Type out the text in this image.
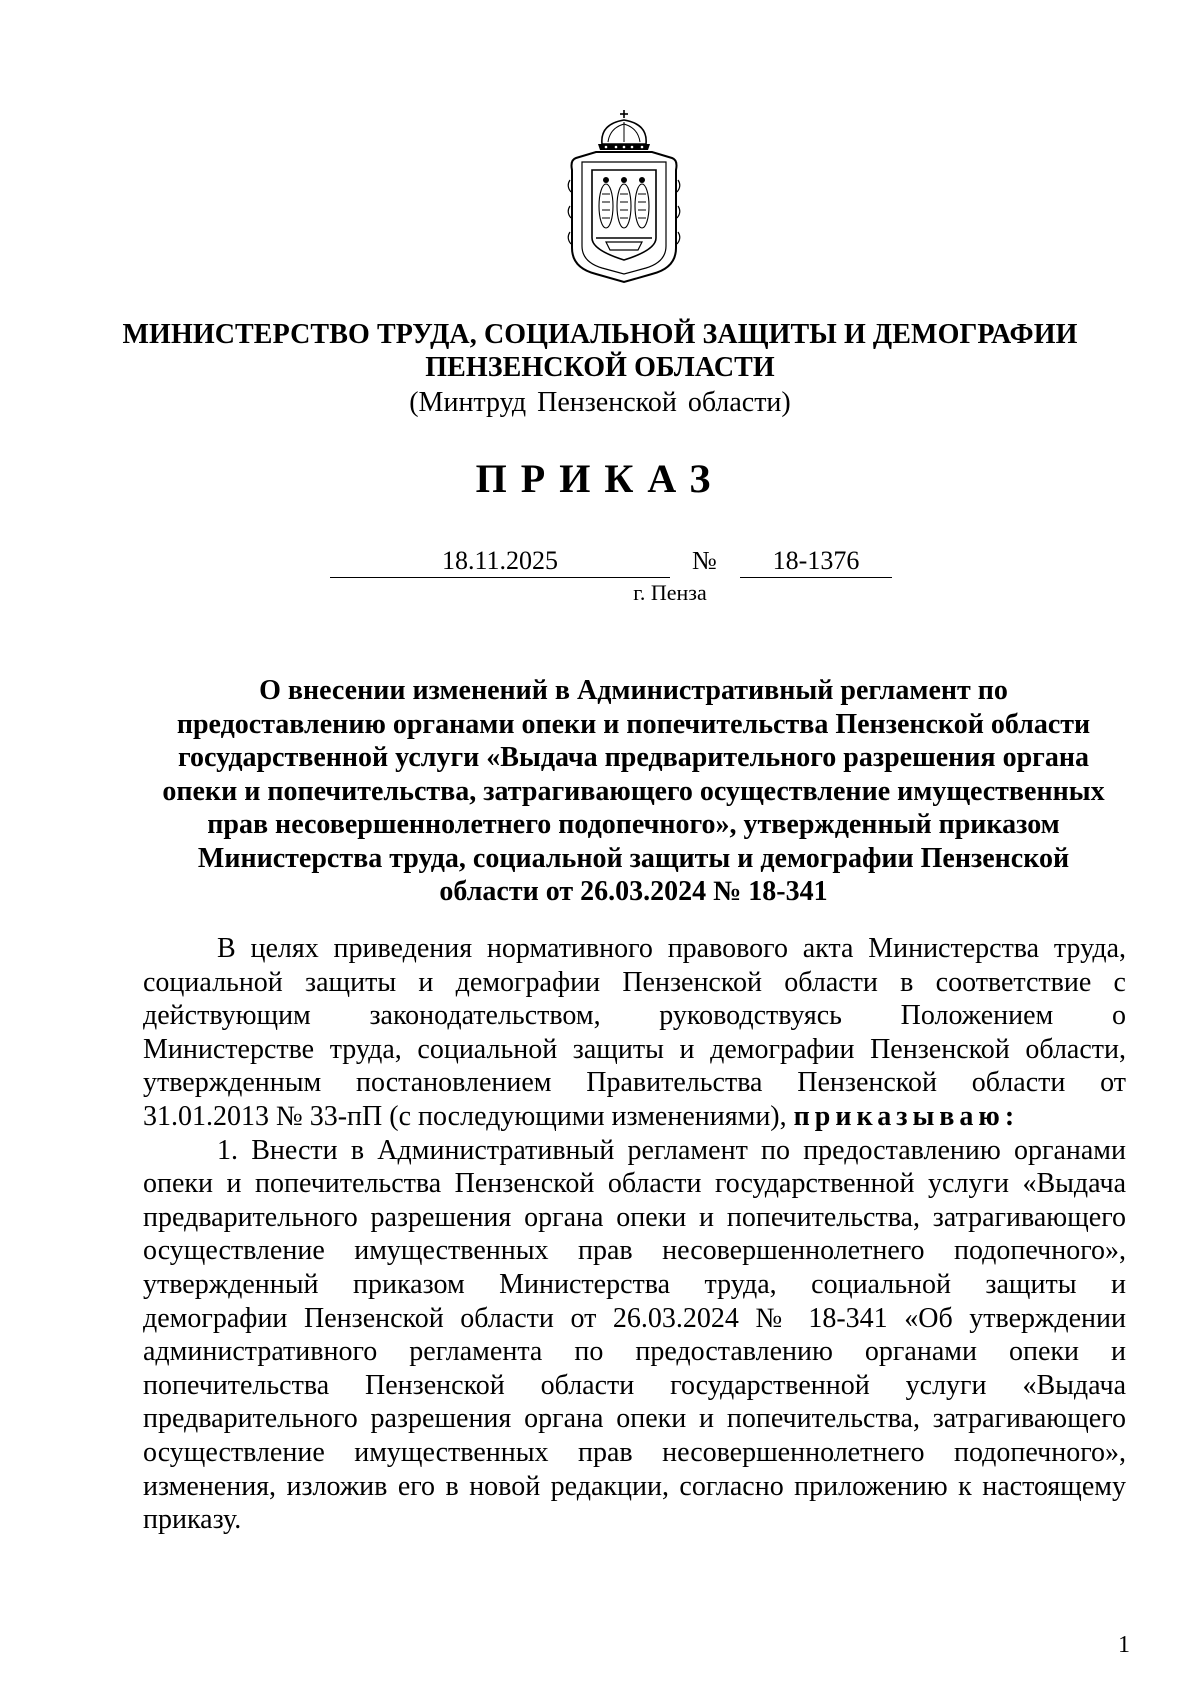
МИНИСТЕРСТВО ТРУДА, СОЦИАЛЬНОЙ ЗАЩИТЫ И ДЕМОГРАФИИ
ПЕНЗЕНСКОЙ ОБЛАСТИ
(Минтруд Пензенской области)
ПРИКАЗ
18.11.2025	№	18-1376
г. Пенза
О внесении изменений в Административный регламент по
предоставлению органами опеки и попечительства Пензенской области
государственной услуги «Выдача предварительного разрешения органа
опеки и попечительства, затрагивающего осуществление имущественных
прав несовершеннолетнего подопечного», утвержденный приказом
Министерства труда, социальной защиты и демографии Пензенской
области от 26.03.2024 № 18-341
В целях приведения нормативного правового акта Министерства труда,
социальной защиты и демографии Пензенской области в соответствие с
действующим законодательством, руководствуясь Положением о
Министерстве труда, социальной защиты и демографии Пензенской области,
утвержденным постановлением Правительства Пензенской области от
31.01.2013 № 33-пП (с последующими изменениями), приказываю:
1. Внести в Административный регламент по предоставлению органами
опеки и попечительства Пензенской области государственной услуги «Выдача
предварительного разрешения органа опеки и попечительства, затрагивающего
осуществление имущественных прав несовершеннолетнего подопечного»,
утвержденный приказом Министерства труда, социальной защиты и
демографии Пензенской области от 26.03.2024 № 18-341 «Об утверждении
административного регламента по предоставлению органами опеки и
попечительства Пензенской области государственной услуги «Выдача
предварительного разрешения органа опеки и попечительства, затрагивающего
осуществление имущественных прав несовершеннолетнего подопечного»,
изменения, изложив его в новой редакции, согласно приложению к настоящему
приказу.
1
